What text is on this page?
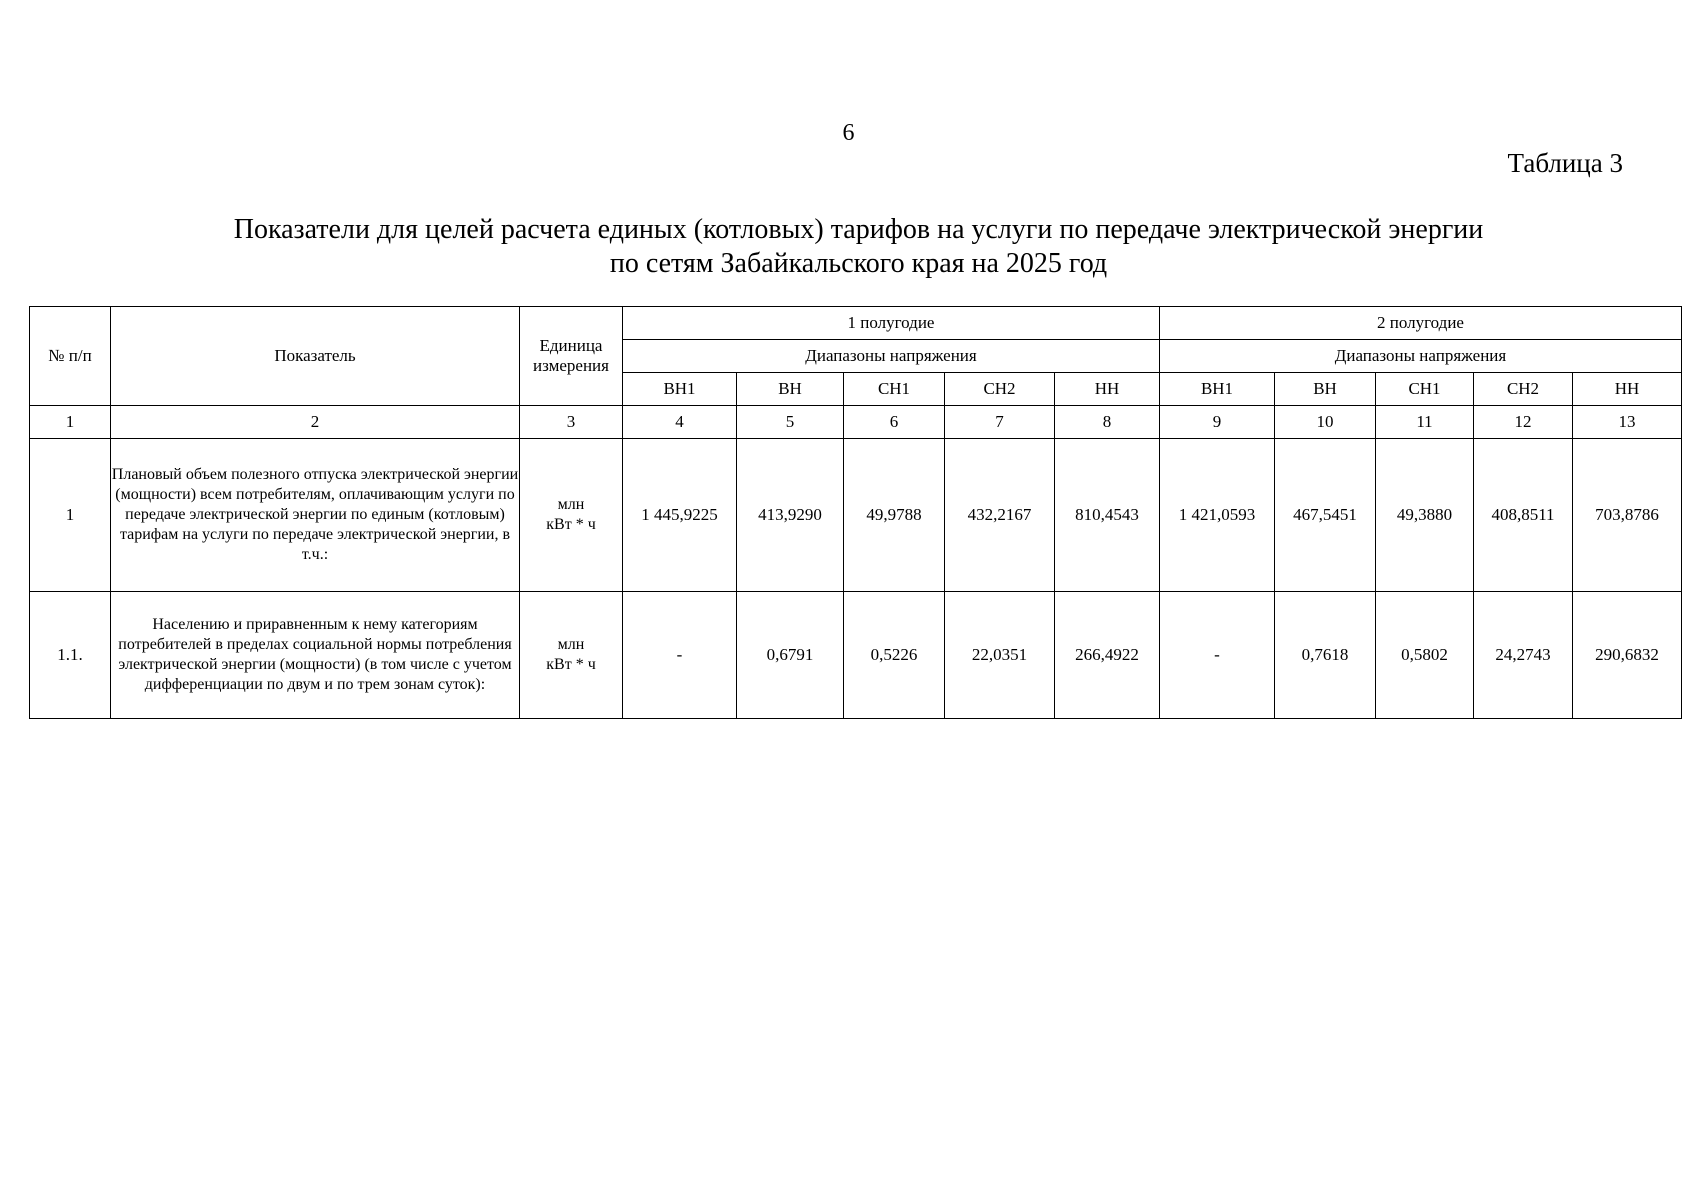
6
Таблица 3
Показатели для целей расчета единых (котловых) тарифов на услуги по передаче электрической энергии
по сетям Забайкальского края на 2025 год
№ п/п	Показатель	Единица измерения	1 полугодие					2 полугодие				
			Диапазоны напряжения					Диапазоны напряжения				
			ВН1	ВН	СН1	СН2	НН	ВН1	ВН	СН1	СН2	НН
1	2	3	4	5	6	7	8	9	10	11	12	13
1	Плановый объем полезного отпуска электрической энергии (мощности) всем потребителям, оплачивающим услуги по передаче электрической энергии по единым (котловым) тарифам на услуги по передаче электрической энергии, в т.ч.:	млн
кВт * ч	1 445,9225	413,9290	49,9788	432,2167	810,4543	1 421,0593	467,5451	49,3880	408,8511	703,8786
1.1.	Населению и приравненным к нему категориям потребителей в пределах социальной нормы потребления электрической энергии (мощности) (в том числе с учетом дифференциации по двум и по трем зонам суток):	млн
кВт * ч	-	0,6791	0,5226	22,0351	266,4922	-	0,7618	0,5802	24,2743	290,6832
